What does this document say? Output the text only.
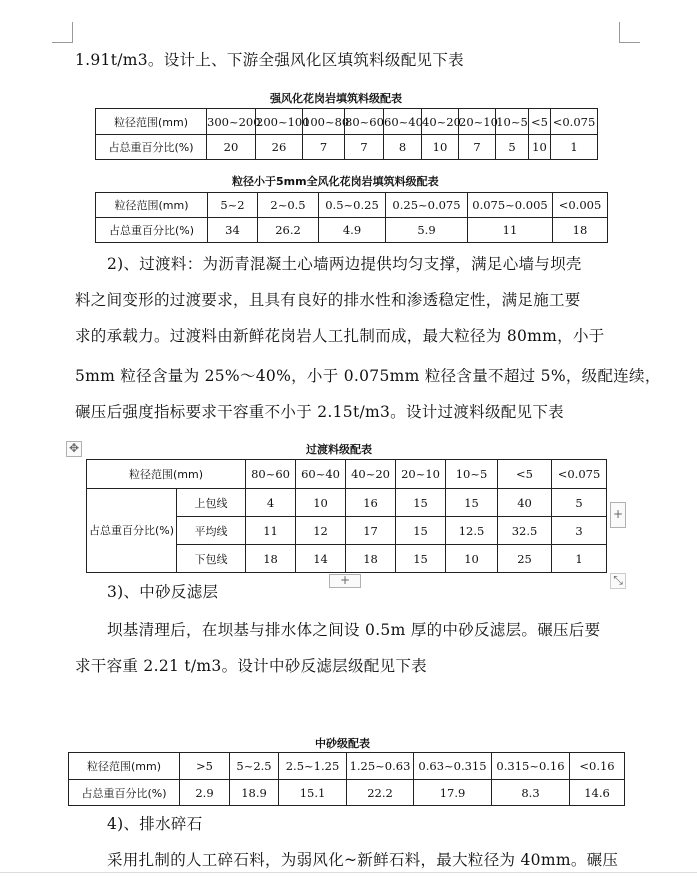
1.91t/m3。设计上、下游全强风化区填筑料级配见下表
强风化花岗岩填筑料级配表
粒径范围(mm)	300~200	200~100	100~80	80~60	60~40	40~20	20~10	10~5	<5	<0.075
占总重百分比(%)	20	26	7	7	8	10	7	5	10	1
粒径小于5mm全风化花岗岩填筑料级配表
粒径范围(mm)	5~2	2~0.5	0.5~0.25	0.25~0.075	0.075~0.005	<0.005
占总重百分比(%)	34	26.2	4.9	5.9	11	18
2)、过渡料：为沥青混凝土心墙两边提供均匀支撑，满足心墙与坝壳
料之间变形的过渡要求，且具有良好的排水性和渗透稳定性，满足施工要
求的承载力。过渡料由新鲜花岗岩人工扎制而成，最大粒径为 80mm，小于
5mm 粒径含量为 25%～40%，小于 0.075mm 粒径含量不超过 5%，级配连续，
碾压后强度指标要求干容重不小于 2.15t/m3。设计过渡料级配见下表
✥	过渡料级配表
粒径范围(mm)		80~60	60~40	40~20	20~10	10~5	<5	<0.075
占总重百分比(%)	上包线	4	10	16	15	15	40	5
	平均线	11	12	17	15	12.5	32.5	3
	下包线	18	14	18	15	10	25	1
+
+	⤡
3)、中砂反滤层
坝基清理后，在坝基与排水体之间设 0.5m 厚的中砂反滤层。碾压后要
求干容重 2.21 t/m3。设计中砂反滤层级配见下表
中砂级配表
粒径范围(mm)	>5	5~2.5	2.5~1.25	1.25~0.63	0.63~0.315	0.315~0.16	<0.16
占总重百分比(%)	2.9	18.9	15.1	22.2	17.9	8.3	14.6
4)、排水碎石
采用扎制的人工碎石料，为弱风化~新鲜石料，最大粒径为 40mm。碾压
